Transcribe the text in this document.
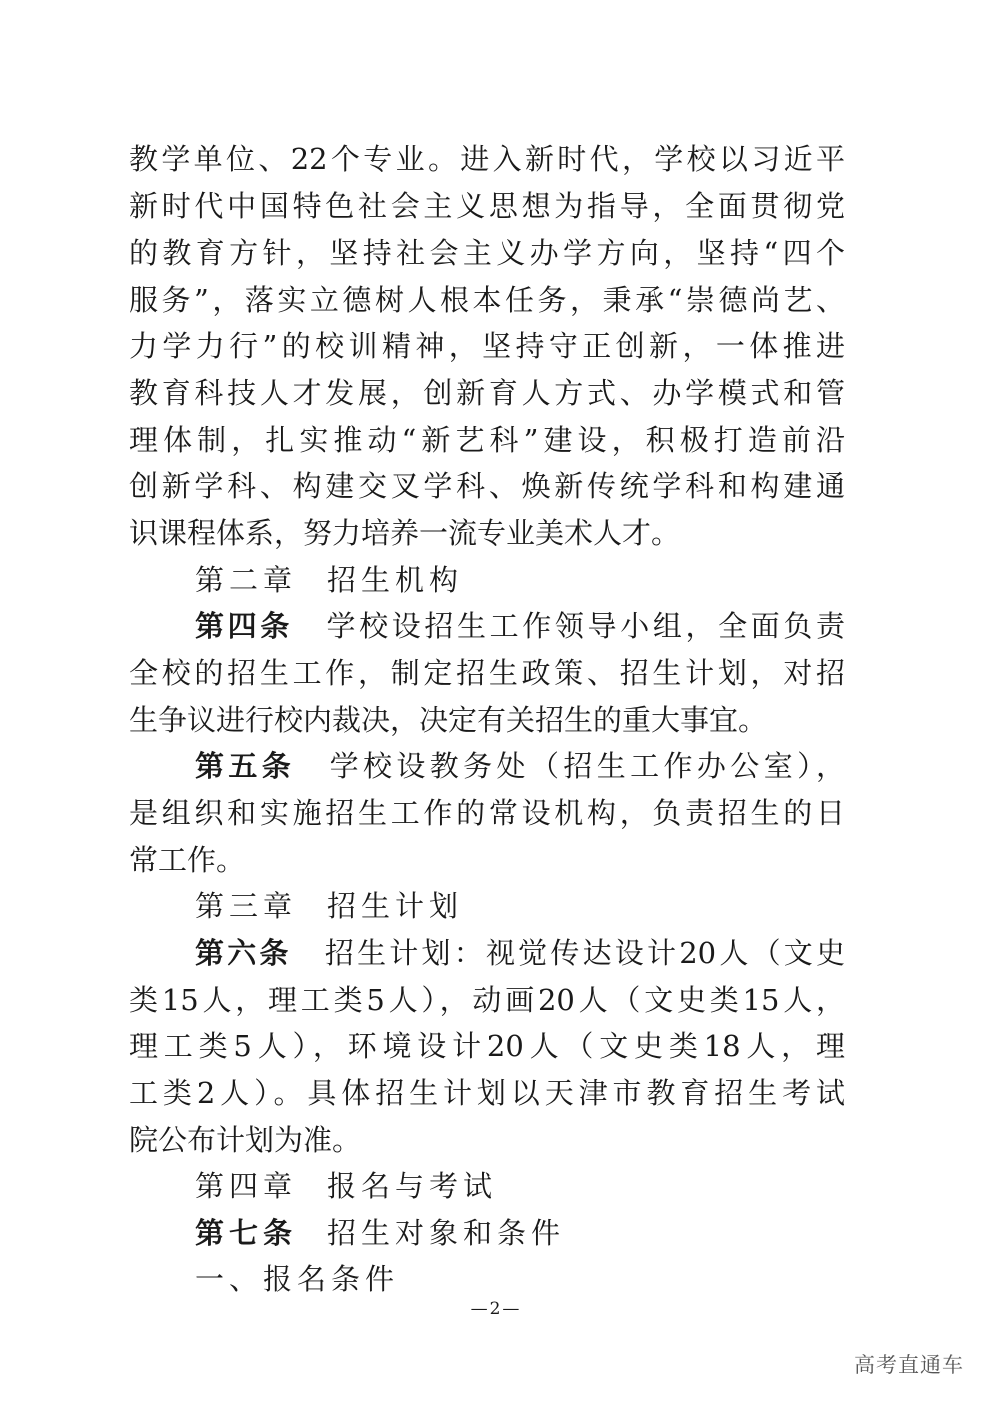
教学单位、22个专业。进入新时代，学校以习近平
新时代中国特色社会主义思想为指导，全面贯彻党
的教育方针，坚持社会主义办学方向，坚持“四个
服务”，落实立德树人根本任务，秉承“崇德尚艺、
力学力行”的校训精神，坚持守正创新，一体推进
教育科技人才发展，创新育人方式、办学模式和管
理体制，扎实推动“新艺科”建设，积极打造前沿
创新学科、构建交叉学科、焕新传统学科和构建通
识课程体系，努力培养一流专业美术人才。
第二章 招生机构
第四条 学校设招生工作领导小组，全面负责
全校的招生工作，制定招生政策、招生计划，对招
生争议进行校内裁决，决定有关招生的重大事宜。
第五条 学校设教务处（招生工作办公室），
是组织和实施招生工作的常设机构，负责招生的日
常工作。
第三章 招生计划
第六条 招生计划：视觉传达设计20人（文史
类15人，理工类5人），动画20人（文史类15人，
理工类5人），环境设计20人（文史类18人，理
工类2人）。具体招生计划以天津市教育招生考试
院公布计划为准。
第四章 报名与考试
第七条 招生对象和条件
一、报名条件
—2—
高考直通车
